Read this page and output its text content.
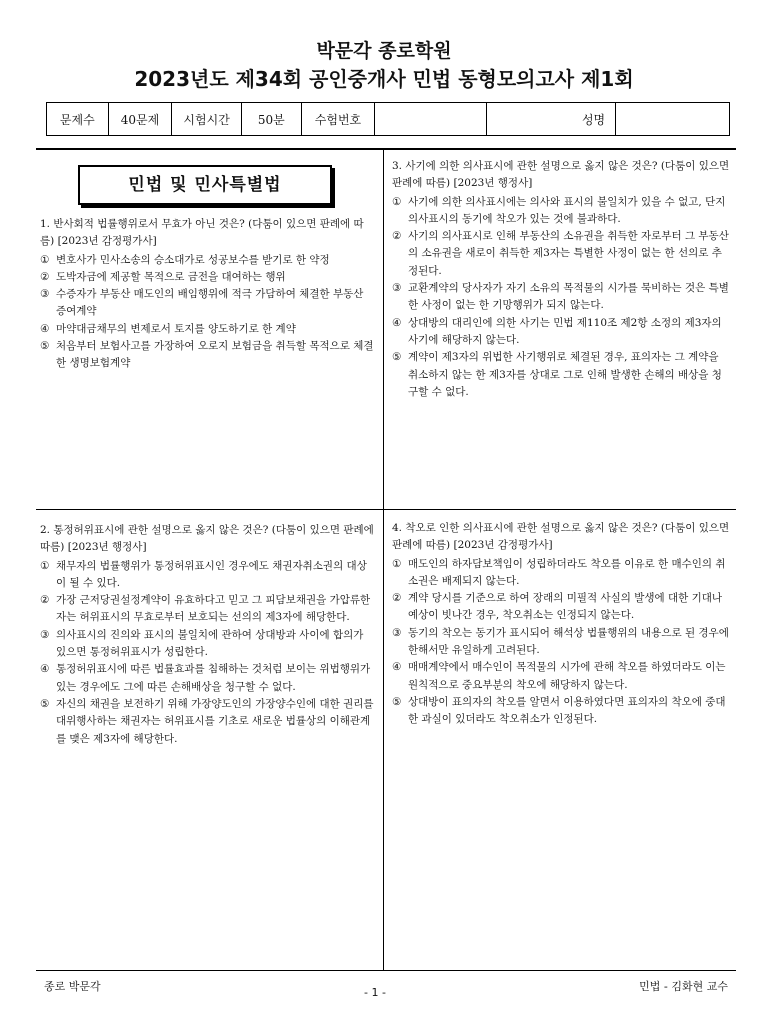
박문각 종로학원
2023년도 제34회 공인중개사 민법 동형모의고사 제1회
문제수	40문제	시험시간	50분	수험번호			성명	
민법 및 민사특별법
1. 반사회적 법률행위로서 무효가 아닌 것은? (다툼이 있으면 판례에 따름) [2023년 감정평가사]
① 변호사가 민사소송의 승소대가로 성공보수를 받기로 한 약정
② 도박자금에 제공할 목적으로 금전을 대여하는 행위
③ 수증자가 부동산 매도인의 배임행위에 적극 가담하여 체결한 부동산 증여계약
④ 마약대금채무의 변제로서 토지를 양도하기로 한 계약
⑤ 처음부터 보험사고를 가장하여 오로지 보험금을 취득할 목적으로 체결한 생명보험계약
2. 통정허위표시에 관한 설명으로 옳지 않은 것은? (다툼이 있으면 판례에 따름) [2023년 행정사]
① 채무자의 법률행위가 통정허위표시인 경우에도 채권자취소권의 대상이 될 수 있다.
② 가장 근저당권설정계약이 유효하다고 믿고 그 피담보채권을 가압류한 자는 허위표시의 무효로부터 보호되는 선의의 제3자에 해당한다.
③ 의사표시의 진의와 표시의 불일치에 관하여 상대방과 사이에 합의가 있으면 통정허위표시가 성립한다.
④ 통정허위표시에 따른 법률효과를 침해하는 것처럼 보이는 위법행위가 있는 경우에도 그에 따른 손해배상을 청구할 수 없다.
⑤ 자신의 채권을 보전하기 위해 가장양도인의 가장양수인에 대한 권리를 대위행사하는 채권자는 허위표시를 기초로 새로운 법률상의 이해관계를 맺은 제3자에 해당한다.
3. 사기에 의한 의사표시에 관한 설명으로 옳지 않은 것은? (다툼이 있으면 판례에 따름) [2023년 행정사]
① 사기에 의한 의사표시에는 의사와 표시의 불일치가 있을 수 없고, 단지 의사표시의 동기에 착오가 있는 것에 불과하다.
② 사기의 의사표시로 인해 부동산의 소유권을 취득한 자로부터 그 부동산의 소유권을 새로이 취득한 제3자는 특별한 사정이 없는 한 선의로 추정된다.
③ 교환계약의 당사자가 자기 소유의 목적물의 시가를 묵비하는 것은 특별한 사정이 없는 한 기망행위가 되지 않는다.
④ 상대방의 대리인에 의한 사기는 민법 제110조 제2항 소정의 제3자의 사기에 해당하지 않는다.
⑤ 계약이 제3자의 위법한 사기행위로 체결된 경우, 표의자는 그 계약을 취소하지 않는 한 제3자를 상대로 그로 인해 발생한 손해의 배상을 청구할 수 없다.
4. 착오로 인한 의사표시에 관한 설명으로 옳지 않은 것은? (다툼이 있으면 판례에 따름) [2023년 감정평가사]
① 매도인의 하자담보책임이 성립하더라도 착오를 이유로 한 매수인의 취소권은 배제되지 않는다.
② 계약 당시를 기준으로 하여 장래의 미필적 사실의 발생에 대한 기대나 예상이 빗나간 경우, 착오취소는 인정되지 않는다.
③ 동기의 착오는 동기가 표시되어 해석상 법률행위의 내용으로 된 경우에 한해서만 유일하게 고려된다.
④ 매매계약에서 매수인이 목적물의 시가에 관해 착오를 하였더라도 이는 원칙적으로 중요부분의 착오에 해당하지 않는다.
⑤ 상대방이 표의자의 착오를 알면서 이용하였다면 표의자의 착오에 중대한 과실이 있더라도 착오취소가 인정된다.
종로 박문각	- 1 -	민법 - 김화현 교수
